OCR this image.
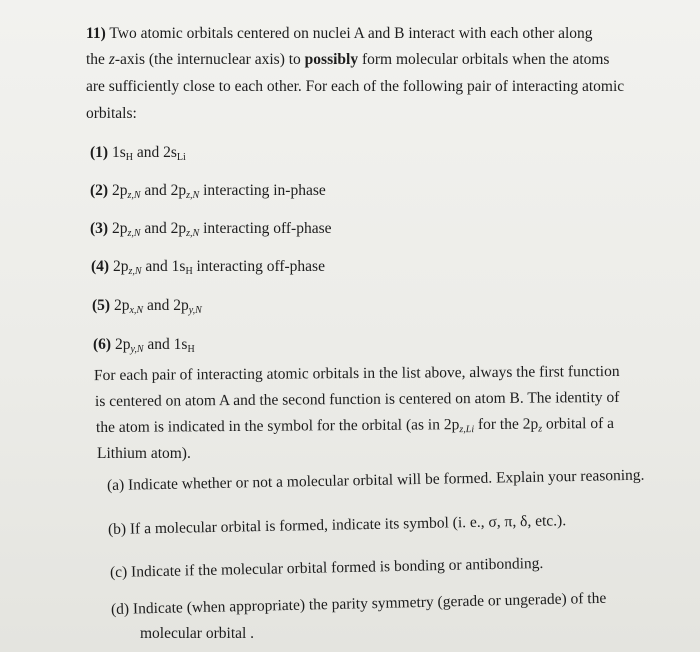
11) Two atomic orbitals centered on nuclei A and B interact with each other along
the z-axis (the internuclear axis) to possibly form molecular orbitals when the atoms
are sufficiently close to each other. For each of the following pair of interacting atomic
orbitals:
(1) $1s_H$ and $2s_{Li}$
(2) $2p_{z,N}$ and $2p_{z,N}$ interacting in-phase
(3) $2p_{z,N}$ and $2p_{z,N}$ interacting off-phase
(4) $2p_{z,N}$ and $1s_H$ interacting off-phase
(5) $2p_{x,N}$ and $2p_{y,N}$
(6) $2p_{y,N}$ and $1s_H$
For each pair of interacting atomic orbitals in the list above, always the first function
is centered on atom A and the second function is centered on atom B. The identity of
the atom is indicated in the symbol for the orbital (as in $2p_{z,Li}$ for the $2p_z$ orbital of a
Lithium atom).
(a) Indicate whether or not a molecular orbital will be formed. Explain your reasoning.
(b) If a molecular orbital is formed, indicate its symbol (i. e., σ, π, δ, etc.).
(c) Indicate if the molecular orbital formed is bonding or antibonding.
(d) Indicate (when appropriate) the parity symmetry (gerade or ungerade) of the
molecular orbital .
